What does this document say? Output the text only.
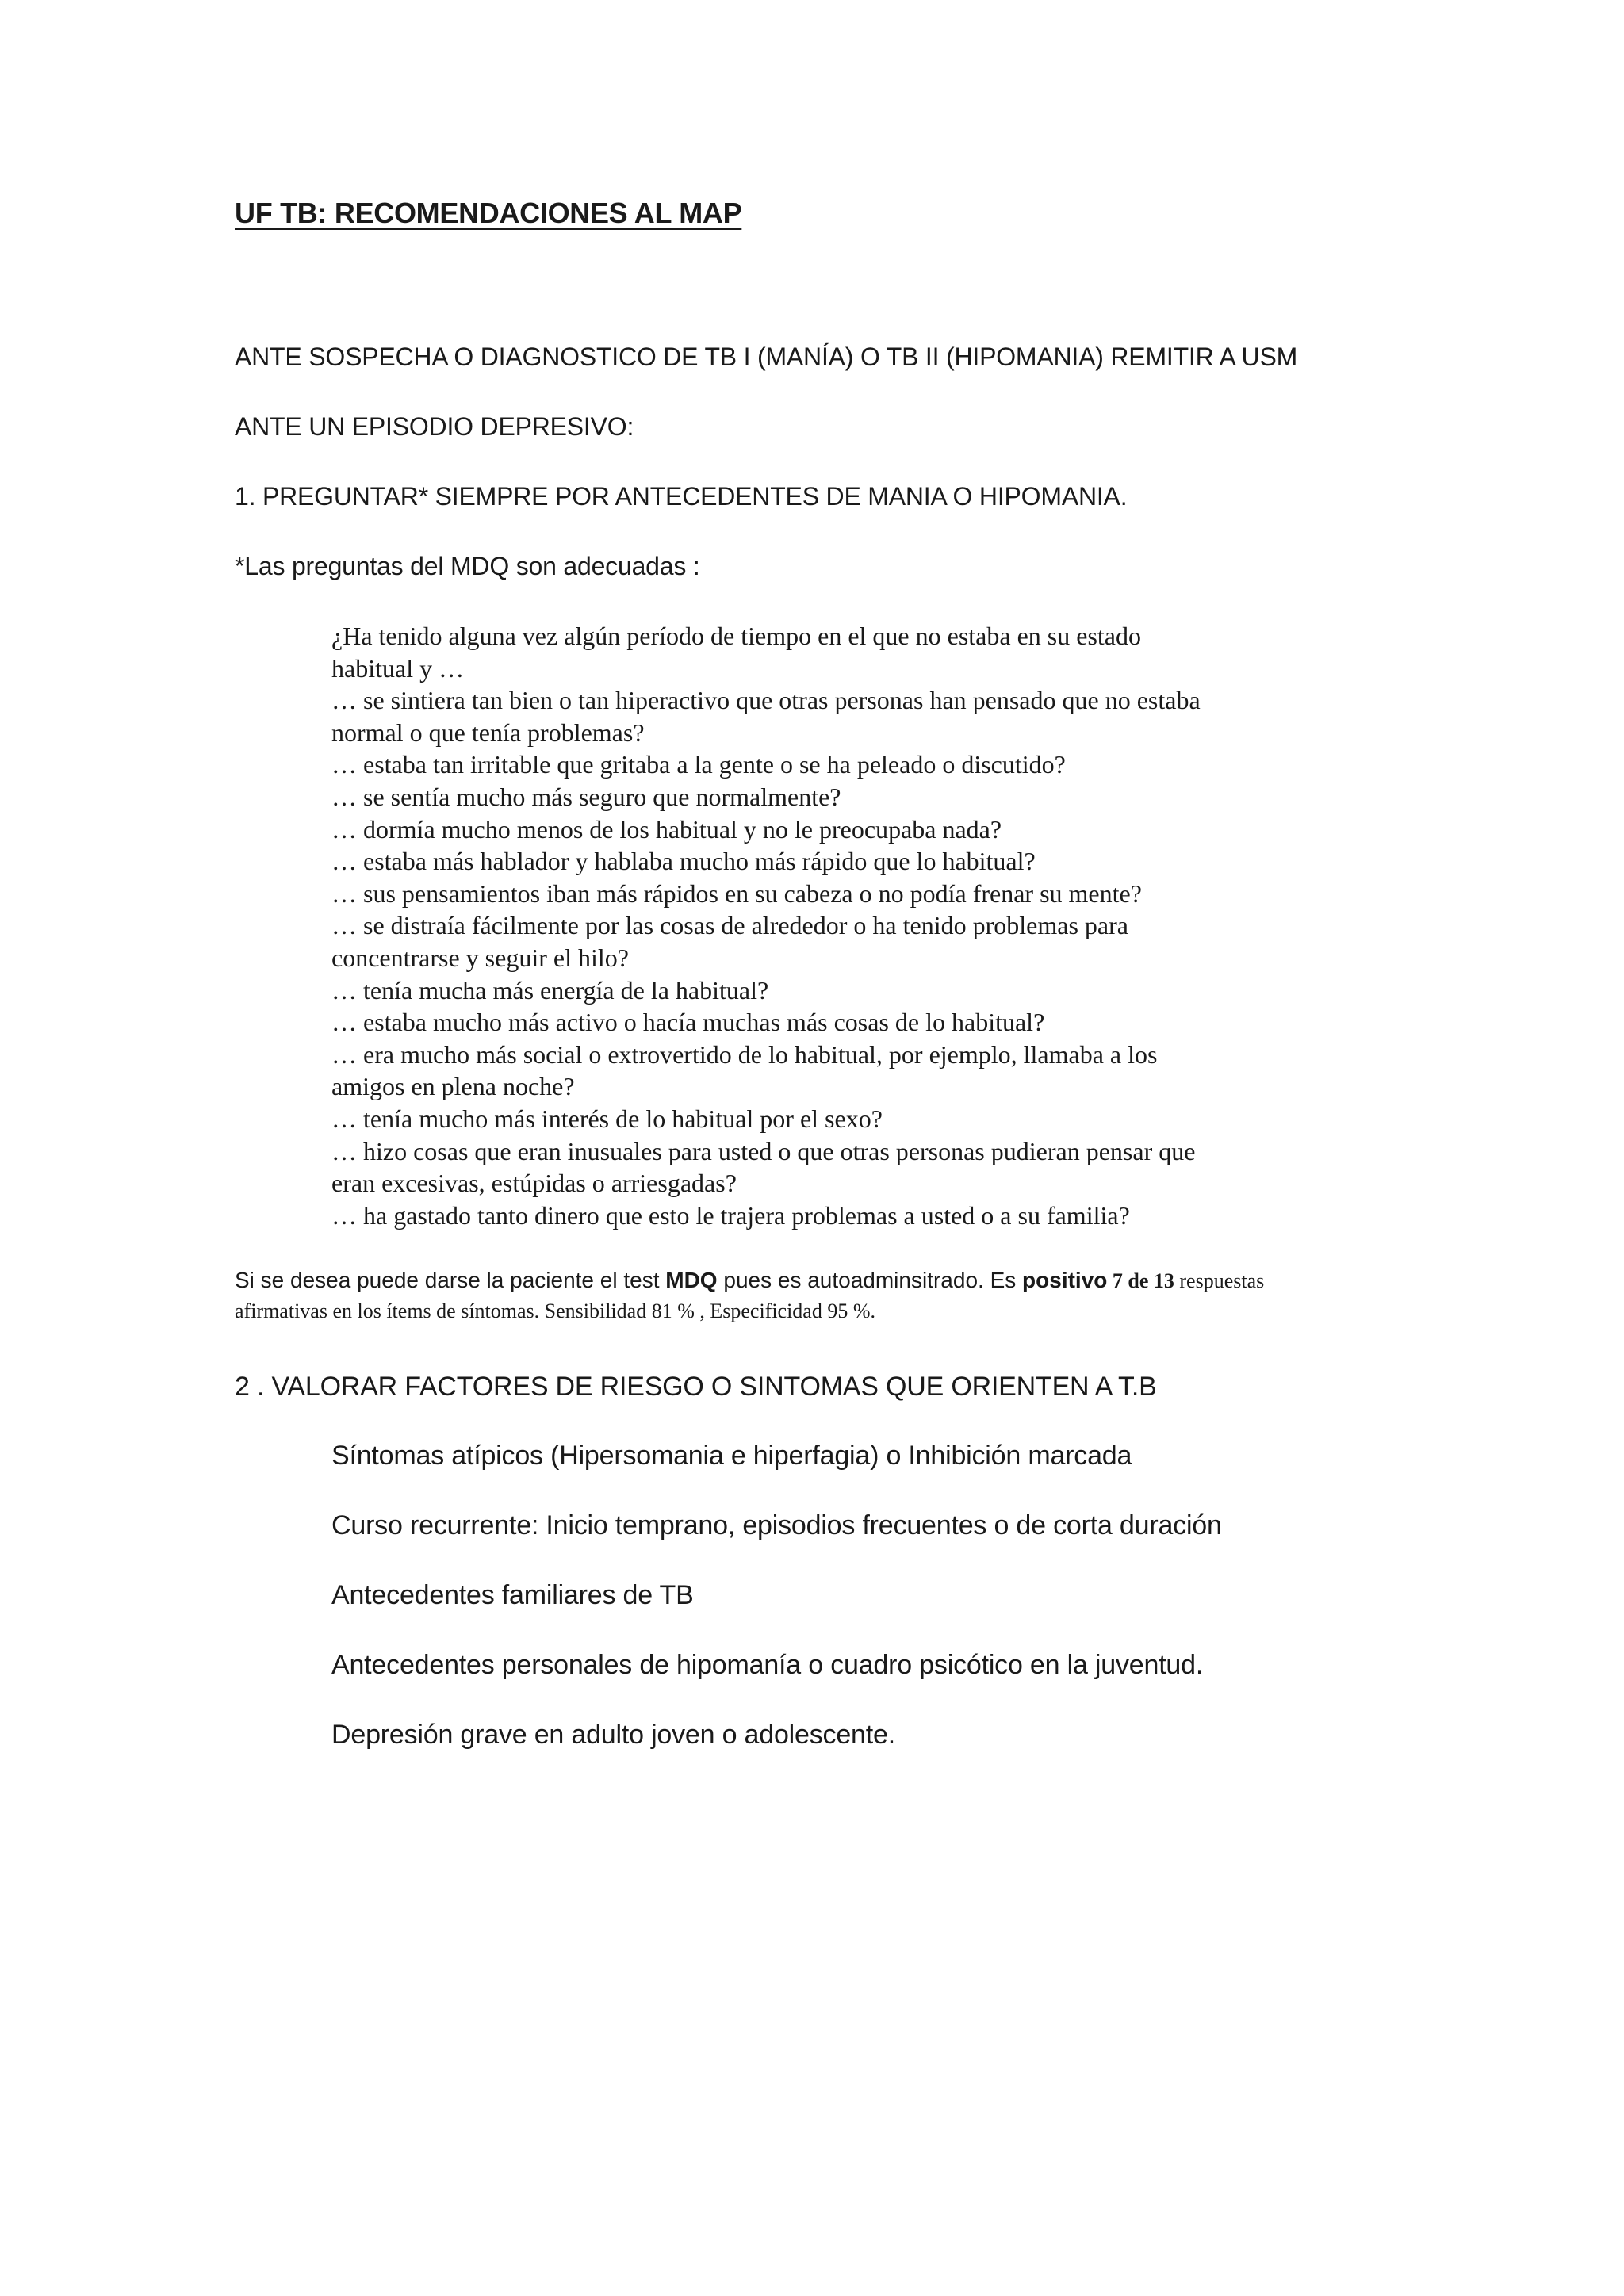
UF TB: RECOMENDACIONES AL MAP
ANTE SOSPECHA O DIAGNOSTICO DE TB I (MANÍA) O TB II (HIPOMANIA) REMITIR A USM
ANTE UN EPISODIO DEPRESIVO:
1. PREGUNTAR* SIEMPRE POR ANTECEDENTES DE MANIA O HIPOMANIA.
*Las preguntas del MDQ son adecuadas :
¿Ha tenido alguna vez algún período de tiempo en el que no estaba en su estado
habitual y …
… se sintiera tan bien o tan hiperactivo que otras personas han pensado que no estaba
normal o que tenía problemas?
… estaba tan irritable que gritaba a la gente o se ha peleado o discutido?
… se sentía mucho más seguro que normalmente?
… dormía mucho menos de los habitual y no le preocupaba nada?
… estaba más hablador y hablaba mucho más rápido que lo habitual?
… sus pensamientos iban más rápidos en su cabeza o no podía frenar su mente?
… se distraía fácilmente por las cosas de alrededor o ha tenido problemas para
concentrarse y seguir el hilo?
… tenía mucha más energía de la habitual?
… estaba mucho más activo o hacía muchas más cosas de lo habitual?
… era mucho más social o extrovertido de lo habitual, por ejemplo, llamaba a los
amigos en plena noche?
… tenía mucho más interés de lo habitual por el sexo?
… hizo cosas que eran inusuales para usted o que otras personas pudieran pensar que
eran excesivas, estúpidas o arriesgadas?
… ha gastado tanto dinero que esto le trajera problemas a usted o a su familia?
Si se desea puede darse la paciente el test MDQ pues es autoadminsitrado. Es positivo 7 de 13 respuestas
afirmativas en los ítems de síntomas. Sensibilidad 81 % , Especificidad 95 %.
2 . VALORAR FACTORES DE RIESGO O SINTOMAS QUE ORIENTEN A T.B
Síntomas atípicos (Hipersomania e hiperfagia) o Inhibición marcada
Curso recurrente: Inicio temprano, episodios frecuentes o de corta duración
Antecedentes familiares de TB
Antecedentes personales de hipomanía o cuadro psicótico en la juventud.
Depresión grave en adulto joven o adolescente.
